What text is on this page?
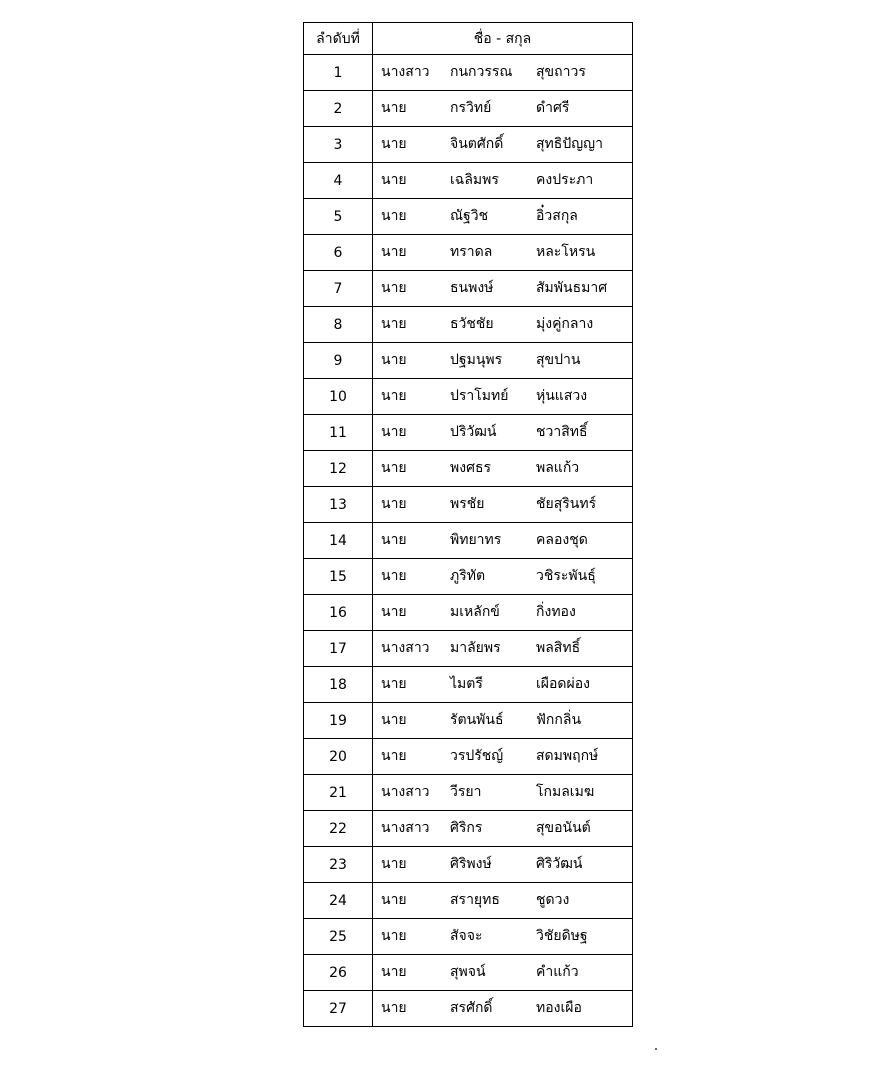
ลำดับที่	ชื่อ - สกุล
1	นางสาว กนกวรรณ สุขถาวร

2	นาย กรวิทย์ ดำศรี

3	นาย จินตศักดิ์ สุทธิปัญญา

4	นาย เฉลิมพร คงประภา

5	นาย ณัฐวิช อิ๋วสกุล

6	นาย ทราดล หละโหรน

7	นาย ธนพงษ์ สัมพันธมาศ

8	นาย ธวัชชัย มุ่งคู่กลาง

9	นาย ปฐมนุพร สุขปาน

10	นาย ปราโมทย์ หุ่นแสวง

11	นาย ปริวัฒน์ ชวาสิทธิ์

12	นาย พงศธร พลแก้ว

13	นาย พรชัย ชัยสุรินทร์

14	นาย พิทยาทร คลองชุด

15	นาย ภูริทัต วชิระพันธุ์

16	นาย มเหลักข์ กิ่งทอง

17	นางสาว มาลัยพร พลสิทธิ์

18	นาย ไมตรี เผือดผ่อง

19	นาย รัตนพันธ์ ฟักกลิ่น

20	นาย วรปรัชญ์ สดมพฤกษ์

21	นางสาว วีรยา โกมลเมฆ

22	นางสาว ศิริกร สุขอนันต์

23	นาย ศิริพงษ์ ศิริวัฒน์

24	นาย สรายุทธ ชูดวง

25	นาย สัจจะ วิชัยดิษฐ

26	นาย สุพจน์ คำแก้ว

27	นาย สรศักดิ์ ทองเผือ
